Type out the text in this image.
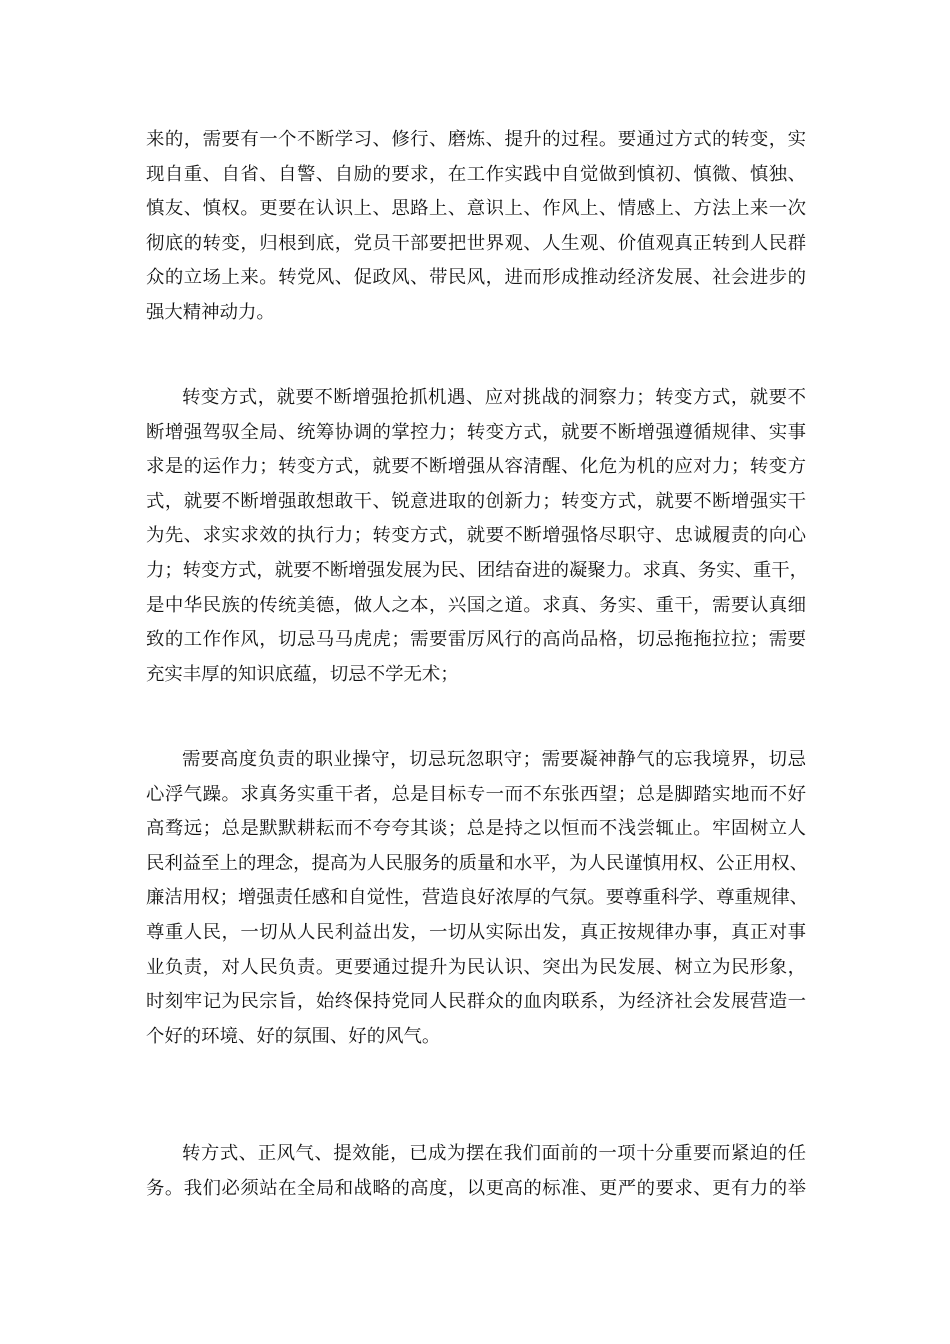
来的，需要有一个不断学习、修行、磨炼、提升的过程。要通过方式的转变，实
现自重、自省、自警、自励的要求，在工作实践中自觉做到慎初、慎微、慎独、
慎友、慎权。更要在认识上、思路上、意识上、作风上、情感上、方法上来一次
彻底的转变，归根到底，党员干部要把世界观、人生观、价值观真正转到人民群
众的立场上来。转党风、促政风、带民风，进而形成推动经济发展、社会进步的
强大精神动力。
转变方式，就要不断增强抢抓机遇、应对挑战的洞察力；转变方式，就要不
断增强驾驭全局、统筹协调的掌控力；转变方式，就要不断增强遵循规律、实事
求是的运作力；转变方式，就要不断增强从容清醒、化危为机的应对力；转变方
式，就要不断增强敢想敢干、锐意进取的创新力；转变方式，就要不断增强实干
为先、求实求效的执行力；转变方式，就要不断增强恪尽职守、忠诚履责的向心
力；转变方式，就要不断增强发展为民、团结奋进的凝聚力。求真、务实、重干，
是中华民族的传统美德，做人之本，兴国之道。求真、务实、重干，需要认真细
致的工作作风，切忌马马虎虎；需要雷厉风行的高尚品格，切忌拖拖拉拉；需要
充实丰厚的知识底蕴，切忌不学无术；
需要高度负责的职业操守，切忌玩忽职守；需要凝神静气的忘我境界，切忌
心浮气躁。求真务实重干者，总是目标专一而不东张西望；总是脚踏实地而不好
高骛远；总是默默耕耘而不夸夸其谈；总是持之以恒而不浅尝辄止。牢固树立人
民利益至上的理念，提高为人民服务的质量和水平，为人民谨慎用权、公正用权、
廉洁用权；增强责任感和自觉性，营造良好浓厚的气氛。要尊重科学、尊重规律、
尊重人民，一切从人民利益出发，一切从实际出发，真正按规律办事，真正对事
业负责，对人民负责。更要通过提升为民认识、突出为民发展、树立为民形象，
时刻牢记为民宗旨，始终保持党同人民群众的血肉联系，为经济社会发展营造一
个好的环境、好的氛围、好的风气。
转方式、正风气、提效能，已成为摆在我们面前的一项十分重要而紧迫的任
务。我们必须站在全局和战略的高度，以更高的标准、更严的要求、更有力的举
